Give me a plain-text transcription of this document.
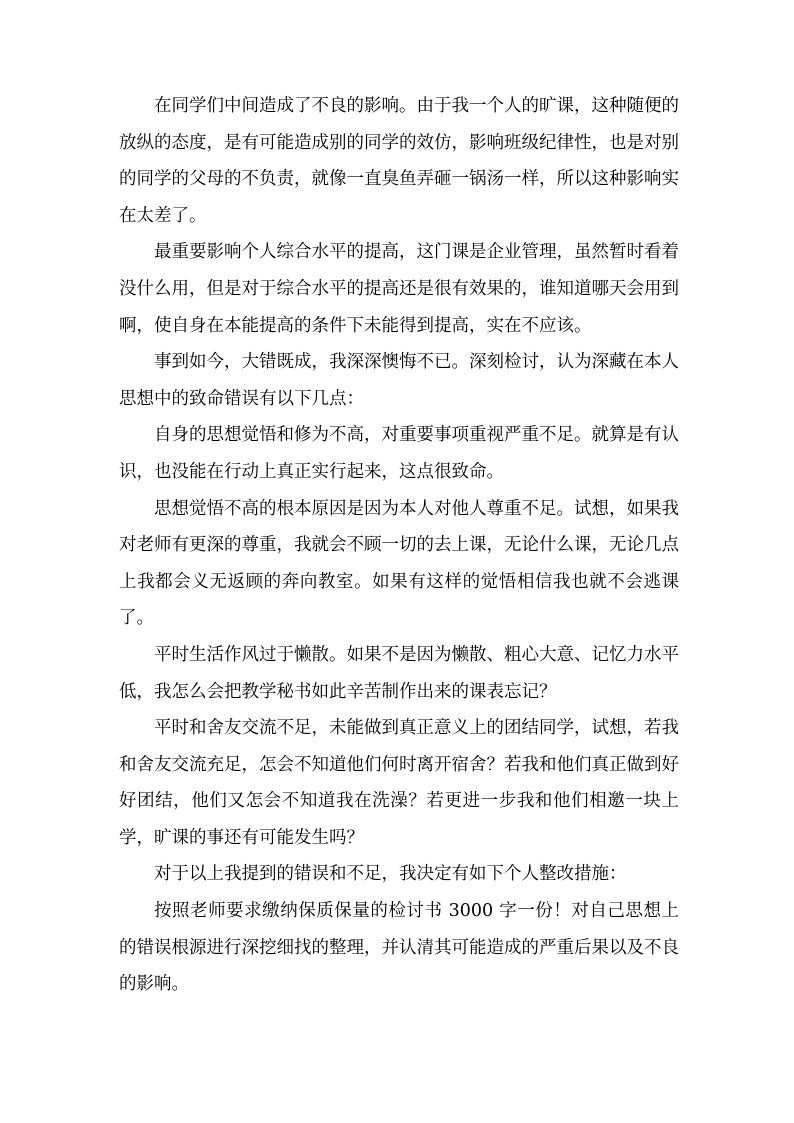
在同学们中间造成了不良的影响。由于我一个人的旷课，这种随便的放纵的态度，是有可能造成别的同学的效仿，影响班级纪律性，也是对别的同学的父母的不负责，就像一直臭鱼弄砸一锅汤一样，所以这种影响实在太差了。

最重要影响个人综合水平的提高，这门课是企业管理，虽然暂时看着没什么用，但是对于综合水平的提高还是很有效果的，谁知道哪天会用到啊，使自身在本能提高的条件下未能得到提高，实在不应该。

事到如今，大错既成，我深深懊悔不已。深刻检讨，认为深藏在本人思想中的致命错误有以下几点：

自身的思想觉悟和修为不高，对重要事项重视严重不足。就算是有认识，也没能在行动上真正实行起来，这点很致命。

思想觉悟不高的根本原因是因为本人对他人尊重不足。试想，如果我对老师有更深的尊重，我就会不顾一切的去上课，无论什么课，无论几点上我都会义无返顾的奔向教室。如果有这样的觉悟相信我也就不会逃课了。

平时生活作风过于懒散。如果不是因为懒散、粗心大意、记忆力水平低，我怎么会把教学秘书如此辛苦制作出来的课表忘记？

平时和舍友交流不足，未能做到真正意义上的团结同学，试想，若我和舍友交流充足，怎会不知道他们何时离开宿舍？若我和他们真正做到好好团结，他们又怎会不知道我在洗澡？若更进一步我和他们相邀一块上学，旷课的事还有可能发生吗？

对于以上我提到的错误和不足，我决定有如下个人整改措施：

按照老师要求缴纳保质保量的检讨书 3000 字一份！对自己思想上的错误根源进行深挖细找的整理，并认清其可能造成的严重后果以及不良的影响。
